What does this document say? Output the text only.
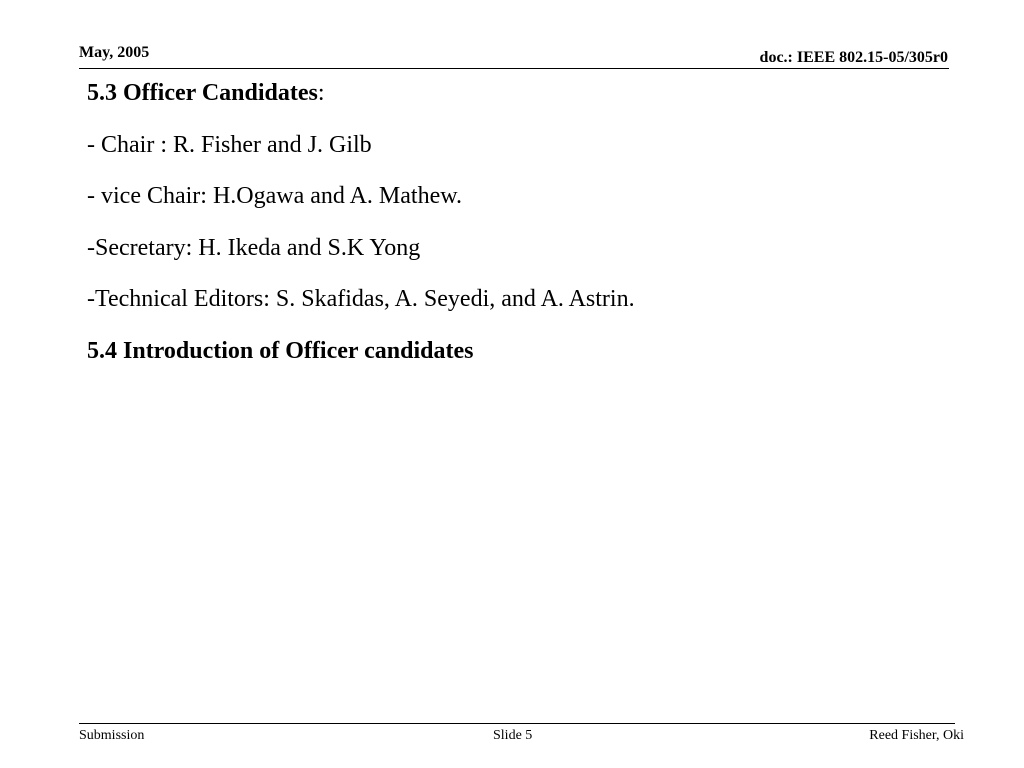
May, 2005	doc.: IEEE 802.15-05/305r0
5.3 Officer Candidates:
- Chair : R. Fisher and J. Gilb
- vice Chair: H.Ogawa and A. Mathew.
-Secretary: H. Ikeda and S.K Yong
-Technical Editors: S. Skafidas, A. Seyedi, and A. Astrin.
5.4 Introduction of Officer candidates
Submission	Slide 5	Reed Fisher, Oki
